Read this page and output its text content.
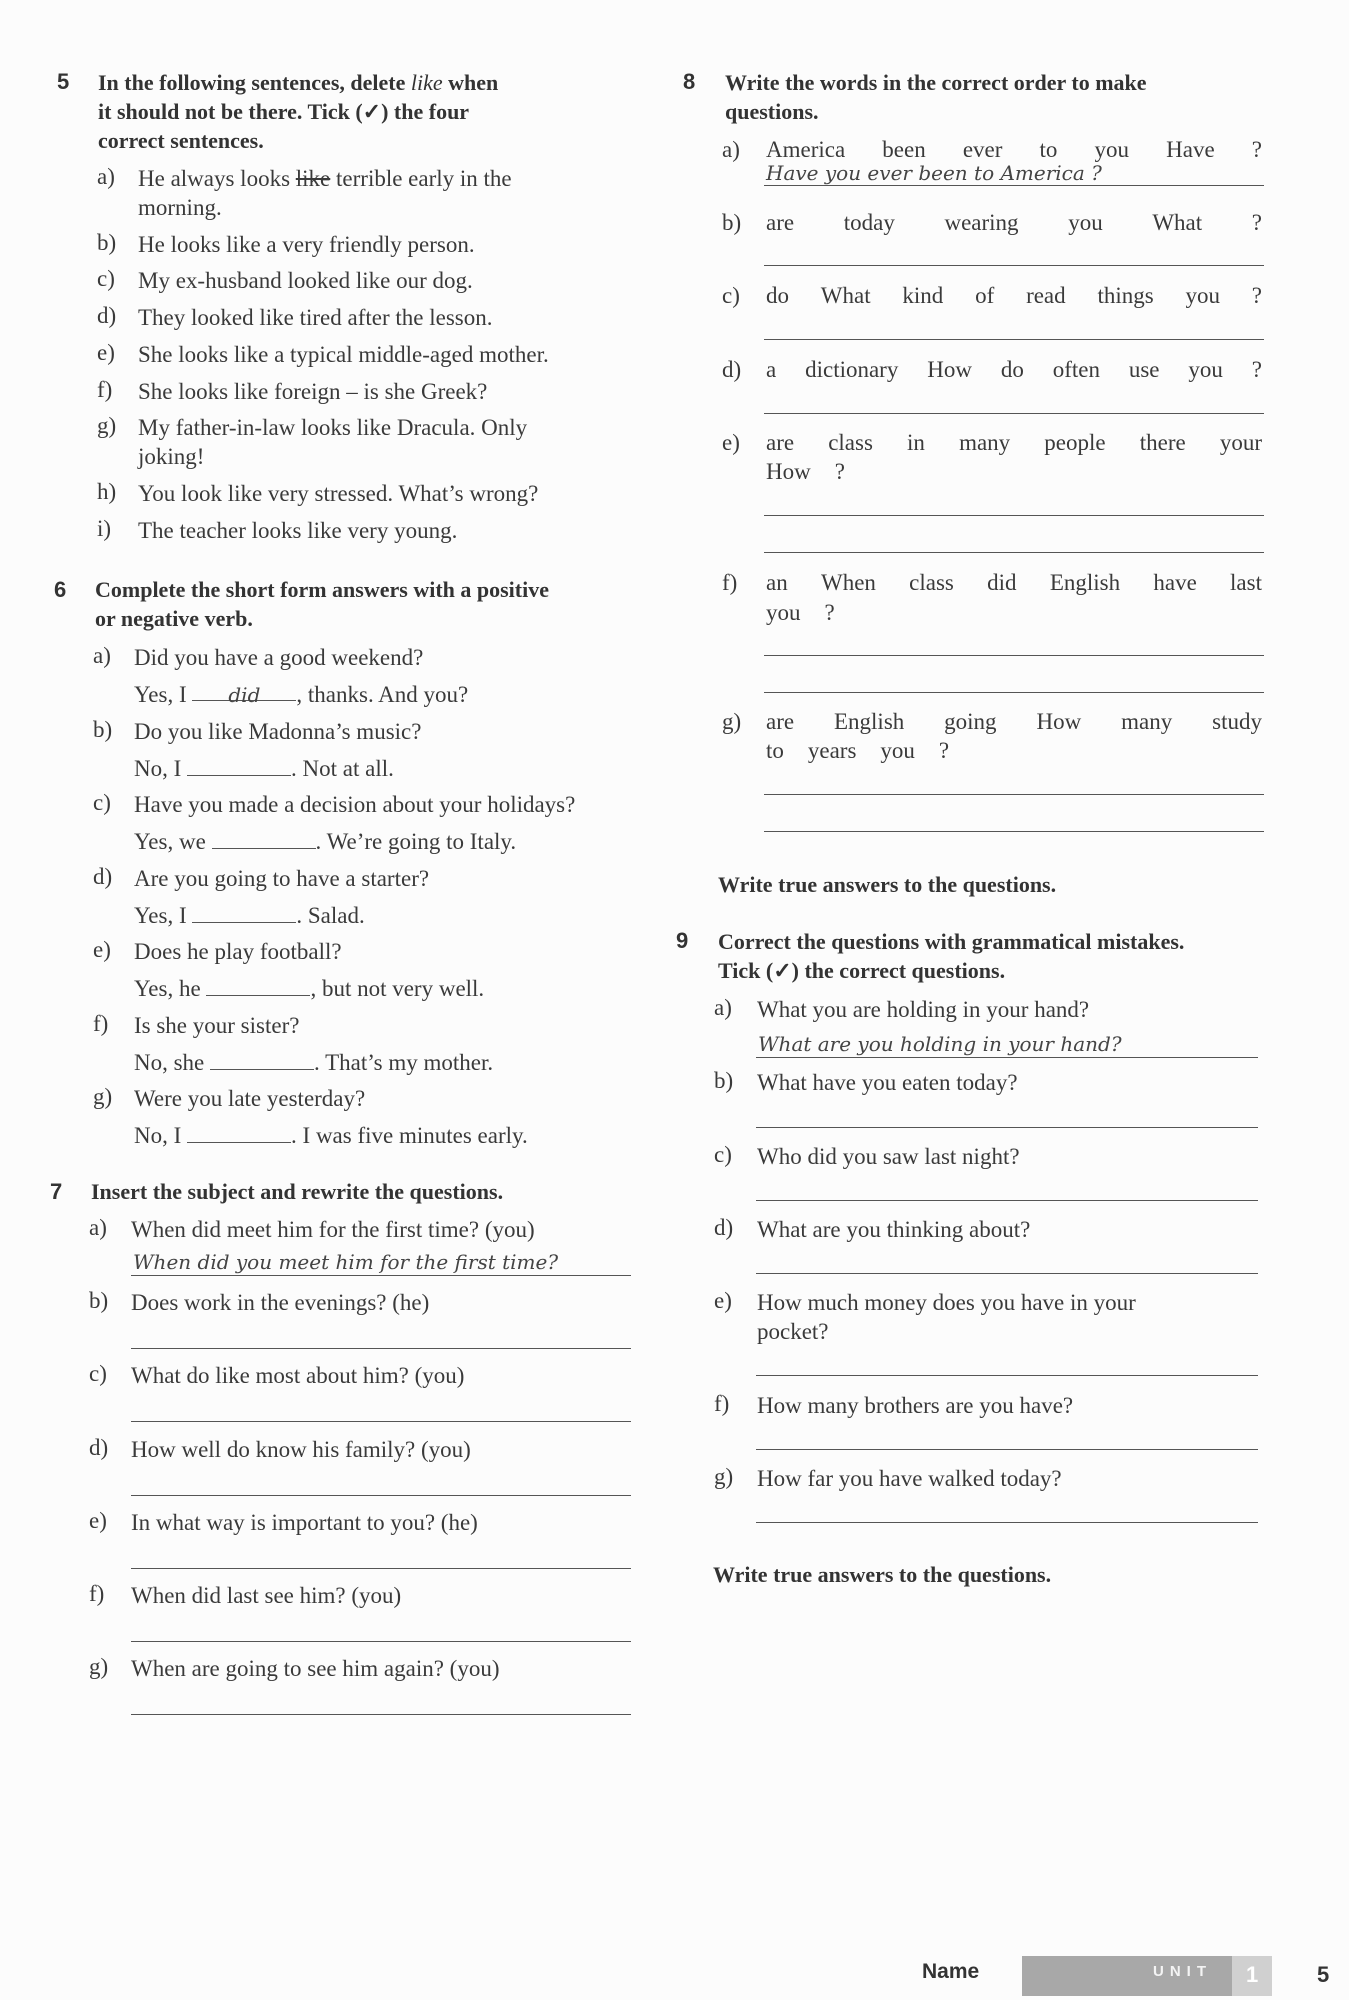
5 In the following sentences, delete like when
it should not be there. Tick (✓) the four
correct sentences.
a) He always looks like terrible early in the
morning.
b) He looks like a very friendly person.
c) My ex-husband looked like our dog.
d) They looked like tired after the lesson.
e) She looks like a typical middle-aged mother.
f) She looks like foreign – is she Greek?
g) My father-in-law looks like Dracula. Only
joking!
h) You look like very stressed. What’s wrong?
i) The teacher looks like very young.
6 Complete the short form answers with a positive
or negative verb.
a) Did you have a good weekend?
Yes, I did , thanks. And you?
b) Do you like Madonna’s music?
No, I	. Not at all.
c) Have you made a decision about your holidays?
Yes, we	. We’re going to Italy.
d) Are you going to have a starter?
Yes, I	. Salad.
e) Does he play football?
Yes, he	, but not very well.
f) Is she your sister?
No, she	. That’s my mother.
g) Were you late yesterday?
No, I	. I was five minutes early.
7 Insert the subject and rewrite the questions.
a) When did meet him for the first time? (you)
When did you meet him for the first time?
b) Does work in the evenings? (he)
c) What do like most about him? (you)
d) How well do know his family? (you)
e) In what way is important to you? (he)
f) When did last see him? (you)
g) When are going to see him again? (you)
8 Write the words in the correct order to make
questions.
a) America been ever to you Have ?
Have you ever been to America ?
b) are today wearing you What ?
c) do What kind of read things you ?
d) a dictionary How do often use you ?
e) are class in many people there your
How ?
f) an When class did English have last
you ?
g) are English going How many study
to years you ?
Write true answers to the questions.
9 Correct the questions with grammatical mistakes.
Tick (✓) the correct questions.
a) What you are holding in your hand?
What are you holding in your hand?
b) What have you eaten today?
c) Who did you saw last night?
d) What are you thinking about?
e) How much money does you have in your
pocket?
f) How many brothers are you have?
g) How far you have walked today?
Write true answers to the questions.
Name	UNIT 1	5
